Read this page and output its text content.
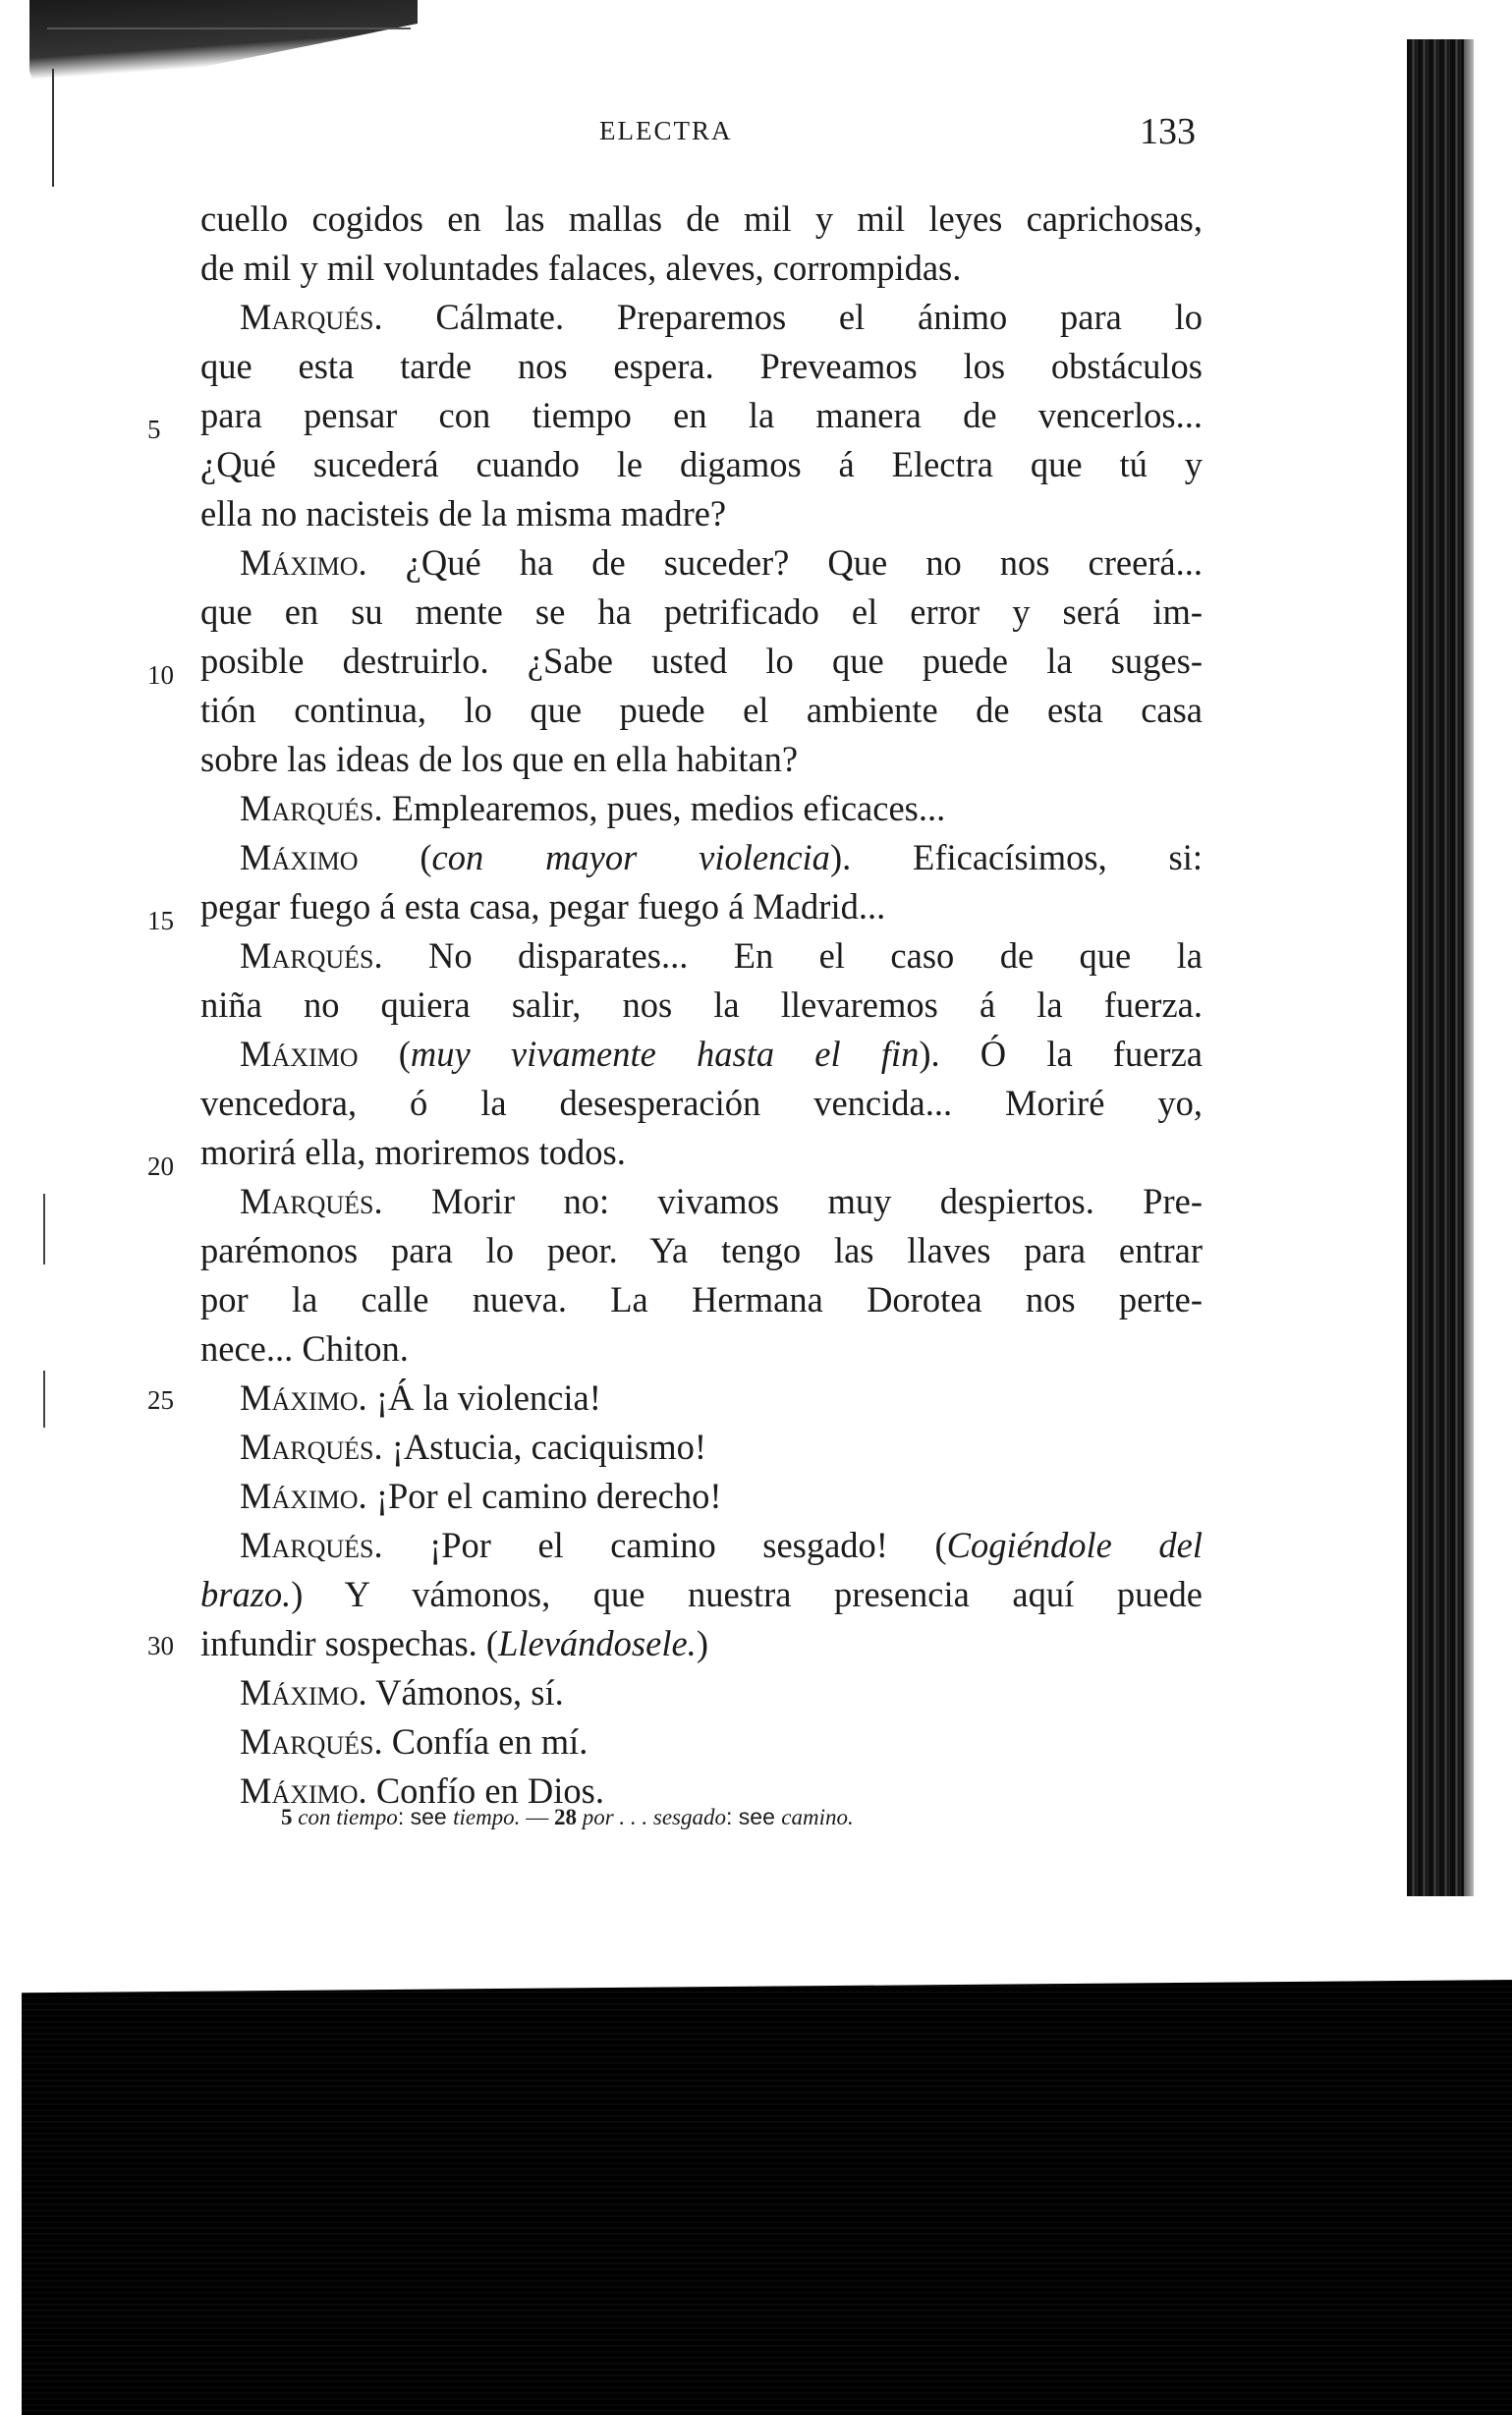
ELECTRA	133
cuello cogidos en las mallas de mil y mil leyes caprichosas,
de mil y mil voluntades falaces, aleves, corrompidas.
Marqués. Cálmate. Preparemos el ánimo para lo
que esta tarde nos espera. Preveamos los obstáculos
para pensar con tiempo en la manera de vencerlos...
¿Qué sucederá cuando le digamos á Electra que tú y
ella no nacisteis de la misma madre?
Máximo. ¿Qué ha de suceder? Que no nos creerá...
que en su mente se ha petrificado el error y será im-
posible destruirlo. ¿Sabe usted lo que puede la suges-
tión continua, lo que puede el ambiente de esta casa
sobre las ideas de los que en ella habitan?
Marqués. Emplearemos, pues, medios eficaces...
Máximo (con mayor violencia). Eficacísimos, si:
pegar fuego á esta casa, pegar fuego á Madrid...
Marqués. No disparates... En el caso de que la
niña no quiera salir, nos la llevaremos á la fuerza.
Máximo (muy vivamente hasta el fin). Ó la fuerza
vencedora, ó la desesperación vencida... Moriré yo,
morirá ella, moriremos todos.
Marqués. Morir no: vivamos muy despiertos. Pre-
parémonos para lo peor. Ya tengo las llaves para entrar
por la calle nueva. La Hermana Dorotea nos perte-
nece... Chiton.
Máximo. ¡Á la violencia!
Marqués. ¡Astucia, caciquismo!
Máximo. ¡Por el camino derecho!
Marqués. ¡Por el camino sesgado! (Cogiéndole del
brazo.) Y vámonos, que nuestra presencia aquí puede
infundir sospechas. (Llevándosele.)
Máximo. Vámonos, sí.
Marqués. Confía en mí.
Máximo. Confío en Dios.
5
10
15
20
25
30
5 con tiempo: see tiempo. — 28 por . . . sesgado: see camino.
